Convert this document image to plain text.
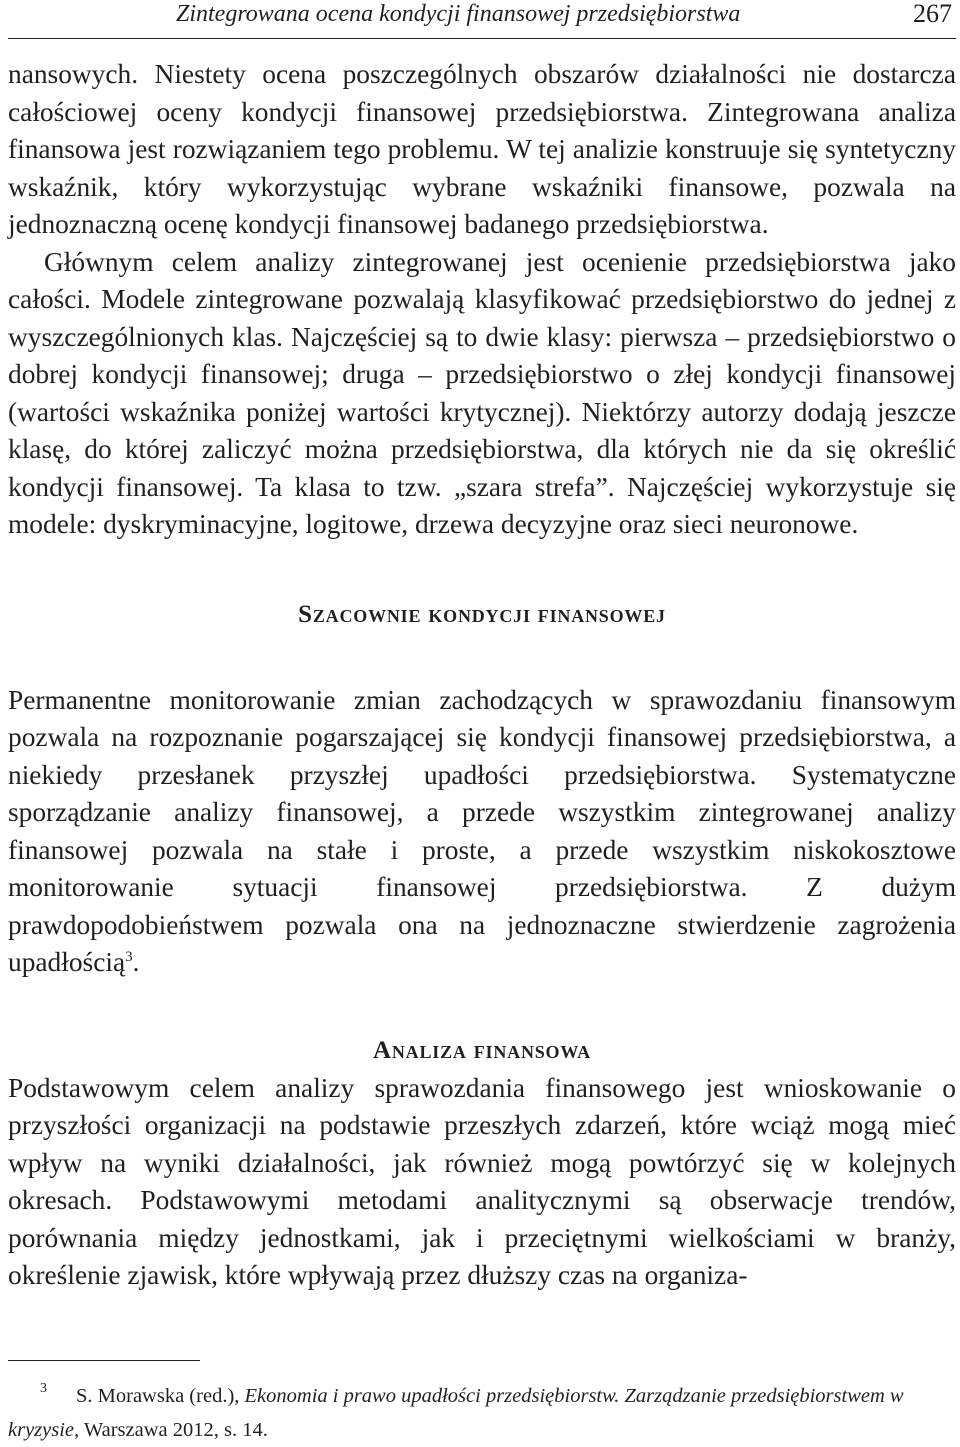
Zintegrowana ocena kondycji finansowej przedsiębiorstwa	267

nansowych. Niestety ocena poszczególnych obszarów działalności nie dostarcza całościowej oceny kondycji finansowej przedsiębiorstwa. Zintegrowana analiza finansowa jest rozwiązaniem tego problemu. W tej analizie konstruuje się syntetyczny wskaźnik, który wykorzystując wybrane wskaźniki finansowe, pozwala na jednoznaczną ocenę kondycji finansowej badanego przedsiębiorstwa.

Głównym celem analizy zintegrowanej jest ocenienie przedsiębiorstwa jako całości. Modele zintegrowane pozwalają klasyfikować przedsiębiorstwo do jednej z wyszczególnionych klas. Najczęściej są to dwie klasy: pierwsza – przedsiębiorstwo o dobrej kondycji finansowej; druga – przedsiębiorstwo o złej kondycji finansowej (wartości wskaźnika poniżej wartości krytycznej). Niektórzy autorzy dodają jeszcze klasę, do której zaliczyć można przedsiębiorstwa, dla których nie da się określić kondycji finansowej. Ta klasa to tzw. „szara strefa”. Najczęściej wykorzystuje się modele: dyskryminacyjne, logitowe, drzewa decyzyjne oraz sieci neuronowe.

Szacownie kondycji finansowej

Permanentne monitorowanie zmian zachodzących w sprawozdaniu finansowym pozwala na rozpoznanie pogarszającej się kondycji finansowej przedsiębiorstwa, a niekiedy przesłanek przyszłej upadłości przedsiębiorstwa. Systematyczne sporządzanie analizy finansowej, a przede wszystkim zintegrowanej analizy finansowej pozwala na stałe i proste, a przede wszystkim niskokosztowe monitorowanie sytuacji finansowej przedsiębiorstwa. Z dużym prawdopodobieństwem pozwala ona na jednoznaczne stwierdzenie zagrożenia upadłością$^3$.

Analiza finansowa

Podstawowym celem analizy sprawozdania finansowego jest wnioskowanie o przyszłości organizacji na podstawie przeszłych zdarzeń, które wciąż mogą mieć wpływ na wyniki działalności, jak również mogą powtórzyć się w kolejnych okresach. Podstawowymi metodami analitycznymi są obserwacje trendów, porównania między jednostkami, jak i przeciętnymi wielkościami w branży, określenie zjawisk, które wpływają przez dłuższy czas na organiza-

3 S. Morawska (red.), Ekonomia i prawo upadłości przedsiębiorstw. Zarządzanie przedsiębiorstwem w kryzysie, Warszawa 2012, s. 14.
